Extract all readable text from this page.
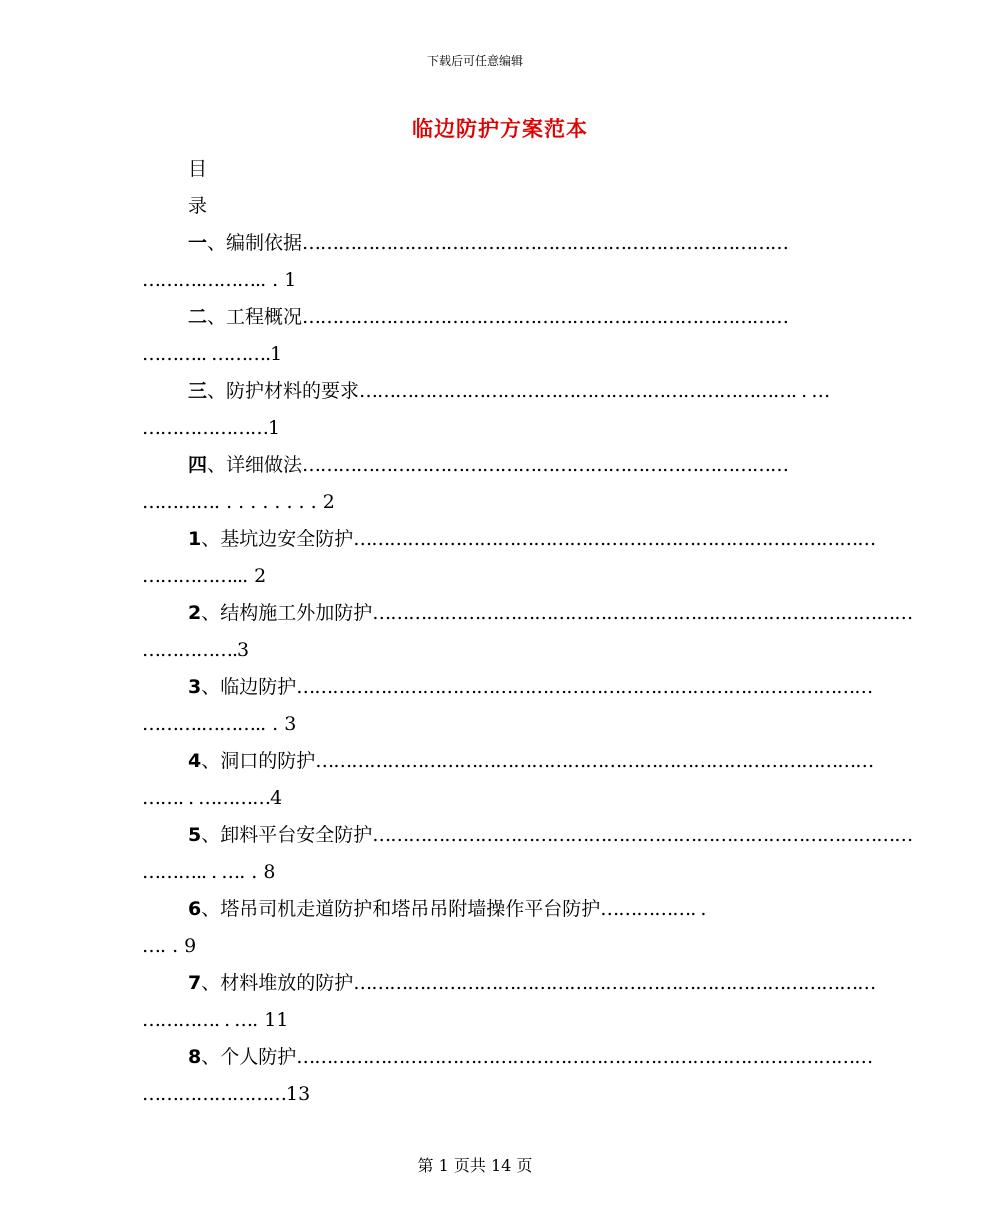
下载后可任意编辑
临边防护方案范本
目
录
一、编制依据………………………………………………………………………
……….……….. . 1
二、工程概况………………………………………………………………………
……….. ……….1
三、防护材料的要求………………………………………………………………. . …
…………………1
四、详细做法………………………………………………………………………
…………. . . . . . . . . 2
1、基坑边安全防护……………………………………………………………………………
……………... 2
2、结构施工外加防护………………………………………………………………………………
…………….3
3、临边防护……………………………………………………………………………………
……….……….. . 3
4、洞口的防护…………………………………………………………………………………
……. . …………4
5、卸料平台安全防护………………………………………………………………………………
……….. . …. . 8
6、塔吊司机走道防护和塔吊吊附墙操作平台防护……………. .
…. . 9
7、材料堆放的防护……………………………………………………………………………
…………. . …. 11
8、个人防护……………………………………………………………………………………
……………………13
第 1 页共 14 页
